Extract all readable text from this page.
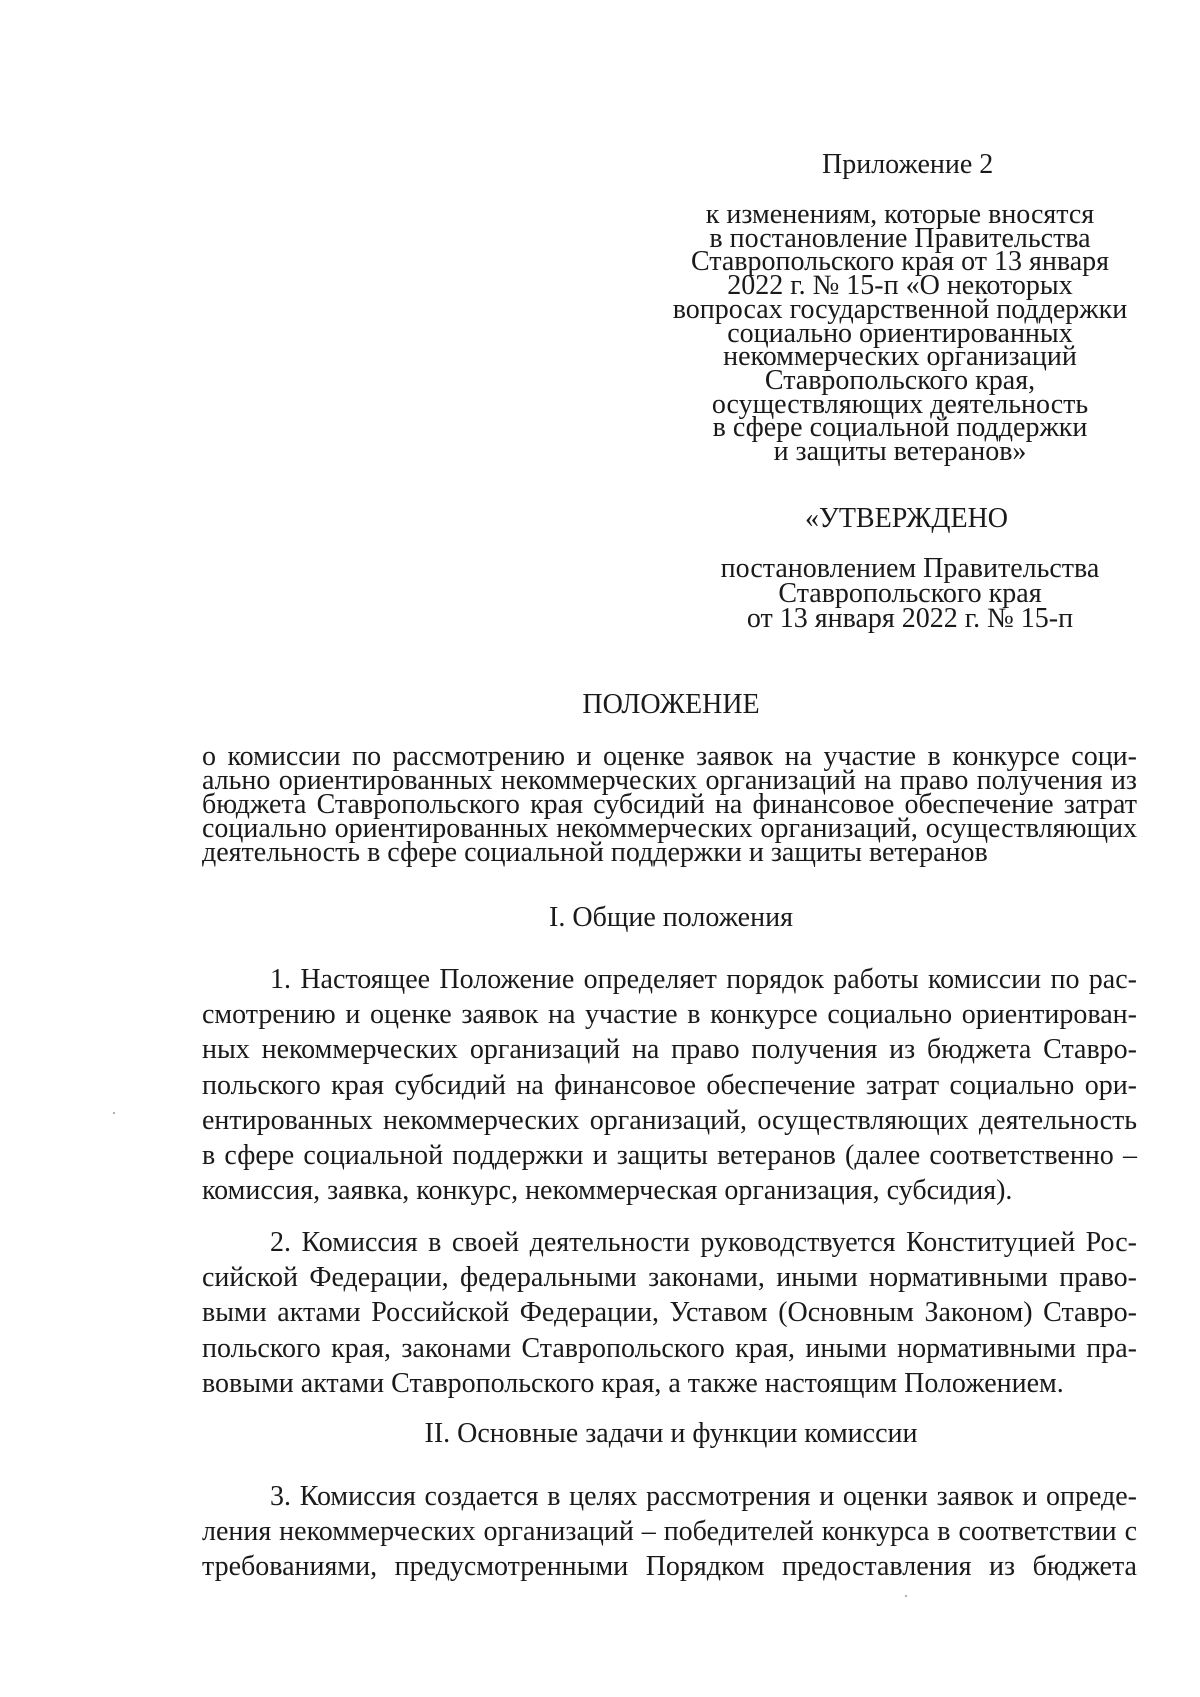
Приложение 2
к изменениям, которые вносятся
в постановление Правительства
Ставропольского края от 13 января
2022 г. № 15-п «О некоторых
вопросах государственной поддержки
социально ориентированных
некоммерческих организаций
Ставропольского края,
осуществляющих деятельность
в сфере социальной поддержки
и защиты ветеранов»
«УТВЕРЖДЕНО
постановлением Правительства
Ставропольского края
от 13 января 2022 г. № 15-п
ПОЛОЖЕНИЕ
о комиссии по рассмотрению и оценке заявок на участие в конкурсе соци-
ально ориентированных некоммерческих организаций на право получения из
бюджета Ставропольского края субсидий на финансовое обеспечение затрат
социально ориентированных некоммерческих организаций, осуществляющих
деятельность в сфере социальной поддержки и защиты ветеранов
I. Общие положения
1. Настоящее Положение определяет порядок работы комиссии по рас-
смотрению и оценке заявок на участие в конкурсе социально ориентирован-
ных некоммерческих организаций на право получения из бюджета Ставро-
польского края субсидий на финансовое обеспечение затрат социально ори-
ентированных некоммерческих организаций, осуществляющих деятельность
в сфере социальной поддержки и защиты ветеранов (далее соответственно –
комиссия, заявка, конкурс, некоммерческая организация, субсидия).
2. Комиссия в своей деятельности руководствуется Конституцией Рос-
сийской Федерации, федеральными законами, иными нормативными право-
выми актами Российской Федерации, Уставом (Основным Законом) Ставро-
польского края, законами Ставропольского края, иными нормативными пра-
вовыми актами Ставропольского края, а также настоящим Положением.
II. Основные задачи и функции комиссии
3. Комиссия создается в целях рассмотрения и оценки заявок и опреде-
ления некоммерческих организаций – победителей конкурса в соответствии с
требованиями, предусмотренными Порядком предоставления из бюджета
